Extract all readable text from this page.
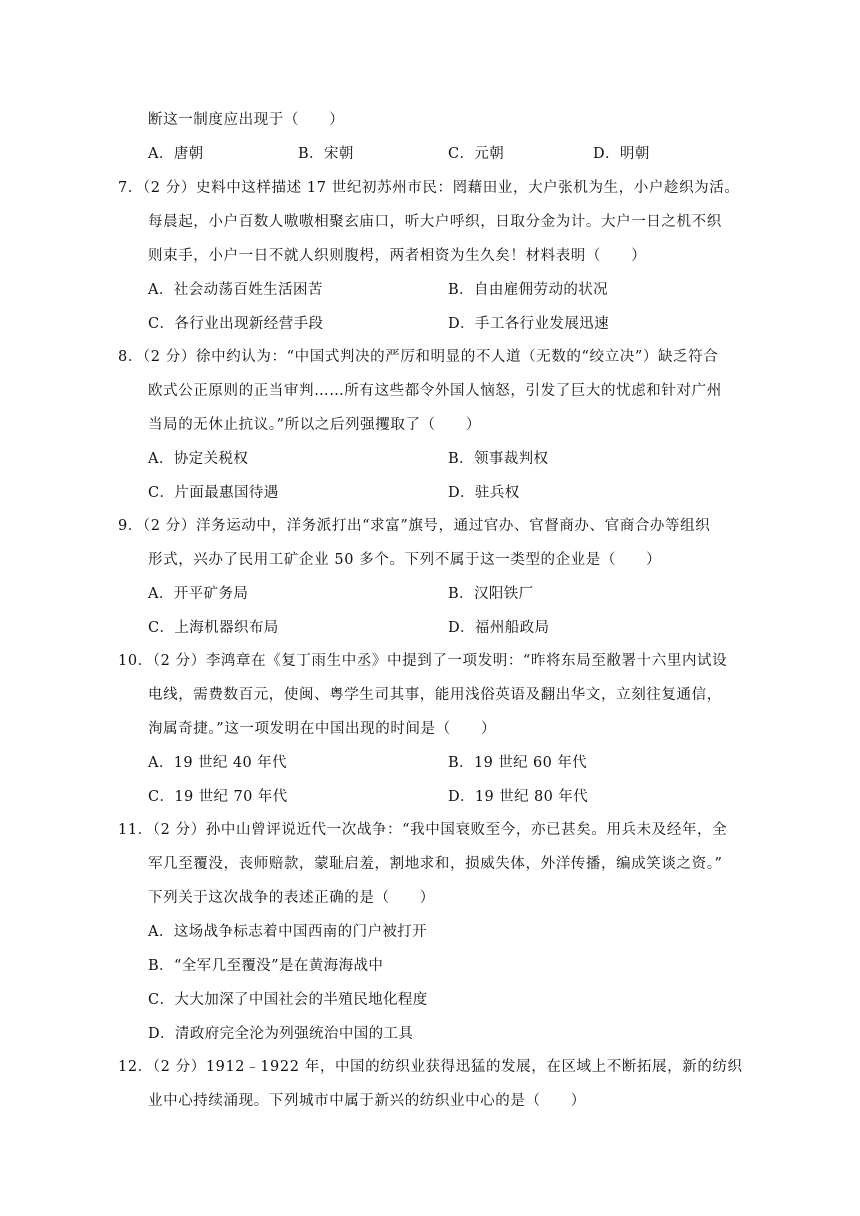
断这一制度应出现于（　　）
A．唐朝	B．宋朝	C．元朝	D．明朝
7．（2 分）史料中这样描述 17 世纪初苏州市民：罔藉田业，大户张机为生，小户趁织为活。
每晨起，小户百数人嗷嗷相聚玄庙口，听大户呼织，日取分金为计。大户一日之机不织
则束手，小户一日不就人织则腹枵，两者相资为生久矣！材料表明（　　）
A．社会动荡百姓生活困苦	B．自由雇佣劳动的状况
C．各行业出现新经营手段	D．手工各行业发展迅速
8．（2 分）徐中约认为：“中国式判决的严厉和明显的不人道（无数的“绞立决”）缺乏符合
欧式公正原则的正当审判……所有这些都令外国人恼怒，引发了巨大的忧虑和针对广州
当局的无休止抗议。”所以之后列强攫取了（　　）
A．协定关税权	B．领事裁判权
C．片面最惠国待遇	D．驻兵权
9．（2 分）洋务运动中，洋务派打出“求富”旗号，通过官办、官督商办、官商合办等组织
形式，兴办了民用工矿企业 50 多个。下列不属于这一类型的企业是（　　）
A．开平矿务局	B．汉阳铁厂
C．上海机器织布局	D．福州船政局
10．（2 分）李鸿章在《复丁雨生中丞》中提到了一项发明：“昨将东局至敝署十六里内试设
电线，需费数百元，使闽、粤学生司其事，能用浅俗英语及翻出华文，立刻往复通信，
洵属奇捷。”这一项发明在中国出现的时间是（　　）
A．19 世纪 40 年代	B．19 世纪 60 年代
C．19 世纪 70 年代	D．19 世纪 80 年代
11．（2 分）孙中山曾评说近代一次战争：“我中国衰败至今，亦已甚矣。用兵未及经年，全
军几至覆没，丧师赔款，蒙耻启羞，割地求和，损威失体，外洋传播，编成笑谈之资。”
下列关于这次战争的表述正确的是（　　）
A．这场战争标志着中国西南的门户被打开
B．“全军几至覆没”是在黄海海战中
C．大大加深了中国社会的半殖民地化程度
D．清政府完全沦为列强统治中国的工具
12．（2 分）1912﹣1922 年，中国的纺织业获得迅猛的发展，在区域上不断拓展，新的纺织
业中心持续涌现。下列城市中属于新兴的纺织业中心的是（　　）
